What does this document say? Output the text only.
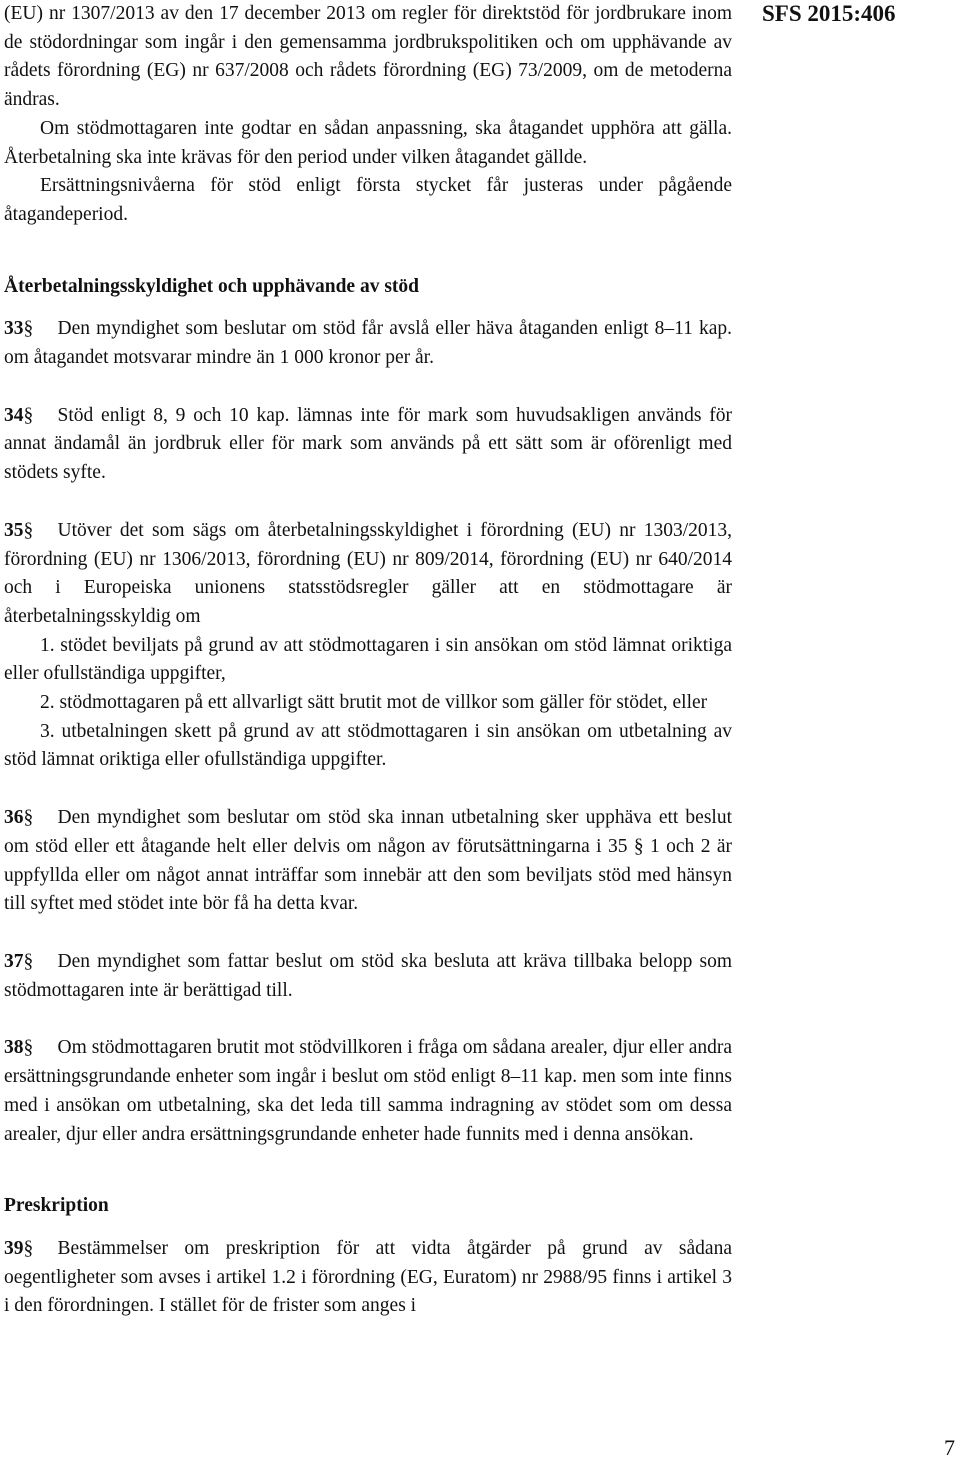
SFS 2015:406

(EU) nr 1307/2013 av den 17 december 2013 om regler för direktstöd för jordbrukare inom de stödordningar som ingår i den gemensamma jordbrukspolitiken och om upphävande av rådets förordning (EG) nr 637/2008 och rådets förordning (EG) 73/2009, om de metoderna ändras.

Om stödmottagaren inte godtar en sådan anpassning, ska åtagandet upphöra att gälla. Återbetalning ska inte krävas för den period under vilken åtagandet gällde.

Ersättningsnivåerna för stöd enligt första stycket får justeras under pågående åtagandeperiod.

Återbetalningsskyldighet och upphävande av stöd

33§ Den myndighet som beslutar om stöd får avslå eller häva åtaganden enligt 8–11 kap. om åtagandet motsvarar mindre än 1 000 kronor per år.

34§ Stöd enligt 8, 9 och 10 kap. lämnas inte för mark som huvudsakligen används för annat ändamål än jordbruk eller för mark som används på ett sätt som är oförenligt med stödets syfte.

35§ Utöver det som sägs om återbetalningsskyldighet i förordning (EU) nr 1303/2013, förordning (EU) nr 1306/2013, förordning (EU) nr 809/2014, förordning (EU) nr 640/2014 och i Europeiska unionens statsstödsregler gäller att en stödmottagare är återbetalningsskyldig om

1. stödet beviljats på grund av att stödmottagaren i sin ansökan om stöd lämnat oriktiga eller ofullständiga uppgifter,

2. stödmottagaren på ett allvarligt sätt brutit mot de villkor som gäller för stödet, eller

3. utbetalningen skett på grund av att stödmottagaren i sin ansökan om utbetalning av stöd lämnat oriktiga eller ofullständiga uppgifter.

36§ Den myndighet som beslutar om stöd ska innan utbetalning sker upphäva ett beslut om stöd eller ett åtagande helt eller delvis om någon av förutsättningarna i 35 § 1 och 2 är uppfyllda eller om något annat inträffar som innebär att den som beviljats stöd med hänsyn till syftet med stödet inte bör få ha detta kvar.

37§ Den myndighet som fattar beslut om stöd ska besluta att kräva tillbaka belopp som stödmottagaren inte är berättigad till.

38§ Om stödmottagaren brutit mot stödvillkoren i fråga om sådana arealer, djur eller andra ersättningsgrundande enheter som ingår i beslut om stöd enligt 8–11 kap. men som inte finns med i ansökan om utbetalning, ska det leda till samma indragning av stödet som om dessa arealer, djur eller andra ersättningsgrundande enheter hade funnits med i denna ansökan.

Preskription

39§ Bestämmelser om preskription för att vidta åtgärder på grund av sådana oegentligheter som avses i artikel 1.2 i förordning (EG, Euratom) nr 2988/95 finns i artikel 3 i den förordningen. I stället för de frister som anges i

7
